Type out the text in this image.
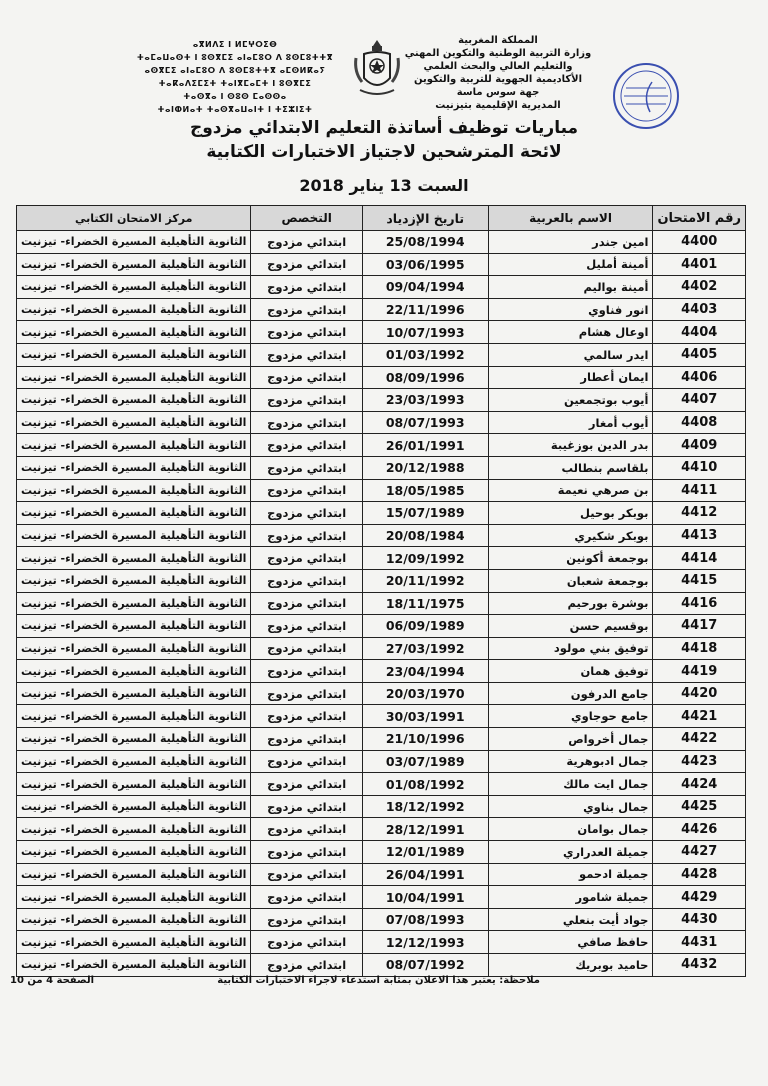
المملكة المغربية
وزارة التربية الوطنية والتكوين المهني
والتعليم العالي والبحث العلمي
الأكاديمية الجهوية للتربية والتكوين
جهة سوس ماسة
المديرية الإقليمية بتيزنيت
ⴰⴳⵍⴷⵉ ⵏ ⵍⵎⵖⵔⵉⴱ
ⵜⴰⵎⴰⵡⴰⵙⵜ ⵏ ⵓⵙⴳⵎⵉ ⴰⵏⴰⵎⵓⵔ ⴷ ⵓⵙⵎⵓⵜⵜⴳ
ⴰⵙⴳⵎⵉ ⴰⵏⴰⵎⵓⵔ ⴷ ⵓⵙⵎⵓⵜⵜⴳ ⴰⵎⵙⵍⴽⴰⵢ
ⵜⴰⴽⴰⴷⵉⵎⵉⵜ ⵜⴰⵏⴳⵎⴰⵎⵜ ⵏ ⵓⵙⴳⵎⵉ
ⵜⴰⵙⴳⴰ ⵏ ⵙⵓⵙ ⵎⴰⵙⵙⴰ
ⵜⴰⵏⵀⵍⴰⵜ ⵜⴰⵙⴳⴰⵡⴰⵏⵜ ⵏ ⵜⵉⵣⵏⵉⵜ
مباريات توظيف أساتذة التعليم الابتدائي مزدوج
لائحة المترشحين لاجتياز الاختبارات الكتابية
السبت 13 يناير 2018
رقم الامتحان	الاسم بالعربية	تاريخ الإزدياد	التخصص	مركز الامتحان الكتابي
4400	امين جندر	25/08/1994	ابتدائي مزدوج	الثانوية التأهيلية المسيرة الخضراء- تيزنيت
4401	أمينة أمليل	03/06/1995	ابتدائي مزدوج	الثانوية التأهيلية المسيرة الخضراء- تيزنيت
4402	أمينة بواليم	09/04/1994	ابتدائي مزدوج	الثانوية التأهيلية المسيرة الخضراء- تيزنيت
4403	انور فناوي	22/11/1996	ابتدائي مزدوج	الثانوية التأهيلية المسيرة الخضراء- تيزنيت
4404	اوعال هشام	10/07/1993	ابتدائي مزدوج	الثانوية التأهيلية المسيرة الخضراء- تيزنيت
4405	ايدر سالمي	01/03/1992	ابتدائي مزدوج	الثانوية التأهيلية المسيرة الخضراء- تيزنيت
4406	ايمان أعطار	08/09/1996	ابتدائي مزدوج	الثانوية التأهيلية المسيرة الخضراء- تيزنيت
4407	أيوب بوتجمعين	23/03/1993	ابتدائي مزدوج	الثانوية التأهيلية المسيرة الخضراء- تيزنيت
4408	أيوب أمغار	08/07/1993	ابتدائي مزدوج	الثانوية التأهيلية المسيرة الخضراء- تيزنيت
4409	بدر الدين بوزغيبة	26/01/1991	ابتدائي مزدوج	الثانوية التأهيلية المسيرة الخضراء- تيزنيت
4410	بلقاسم بنطالب	20/12/1988	ابتدائي مزدوج	الثانوية التأهيلية المسيرة الخضراء- تيزنيت
4411	بن صرهي نعيمة	18/05/1985	ابتدائي مزدوج	الثانوية التأهيلية المسيرة الخضراء- تيزنيت
4412	بوبكر بوحيل	15/07/1989	ابتدائي مزدوج	الثانوية التأهيلية المسيرة الخضراء- تيزنيت
4413	بوبكر شكيري	20/08/1984	ابتدائي مزدوج	الثانوية التأهيلية المسيرة الخضراء- تيزنيت
4414	بوجمعة أكونين	12/09/1992	ابتدائي مزدوج	الثانوية التأهيلية المسيرة الخضراء- تيزنيت
4415	بوجمعة شعبان	20/11/1992	ابتدائي مزدوج	الثانوية التأهيلية المسيرة الخضراء- تيزنيت
4416	بوشرة بورحيم	18/11/1975	ابتدائي مزدوج	الثانوية التأهيلية المسيرة الخضراء- تيزنيت
4417	بوقسيم حسن	06/09/1989	ابتدائي مزدوج	الثانوية التأهيلية المسيرة الخضراء- تيزنيت
4418	توفيق بني مولود	27/03/1992	ابتدائي مزدوج	الثانوية التأهيلية المسيرة الخضراء- تيزنيت
4419	توفيق همان	23/04/1994	ابتدائي مزدوج	الثانوية التأهيلية المسيرة الخضراء- تيزنيت
4420	جامع الدرفون	20/03/1970	ابتدائي مزدوج	الثانوية التأهيلية المسيرة الخضراء- تيزنيت
4421	جامع حوجاوي	30/03/1991	ابتدائي مزدوج	الثانوية التأهيلية المسيرة الخضراء- تيزنيت
4422	جمال أخرواص	21/10/1996	ابتدائي مزدوج	الثانوية التأهيلية المسيرة الخضراء- تيزنيت
4423	جمال ادبوهرية	03/07/1989	ابتدائي مزدوج	الثانوية التأهيلية المسيرة الخضراء- تيزنيت
4424	جمال ايت مالك	01/08/1992	ابتدائي مزدوج	الثانوية التأهيلية المسيرة الخضراء- تيزنيت
4425	جمال بناوي	18/12/1992	ابتدائي مزدوج	الثانوية التأهيلية المسيرة الخضراء- تيزنيت
4426	جمال بوامان	28/12/1991	ابتدائي مزدوج	الثانوية التأهيلية المسيرة الخضراء- تيزنيت
4427	جميلة العدراري	12/01/1989	ابتدائي مزدوج	الثانوية التأهيلية المسيرة الخضراء- تيزنيت
4428	جميلة ادحمو	26/04/1991	ابتدائي مزدوج	الثانوية التأهيلية المسيرة الخضراء- تيزنيت
4429	جميلة شامور	10/04/1991	ابتدائي مزدوج	الثانوية التأهيلية المسيرة الخضراء- تيزنيت
4430	جواد أيت بنعلي	07/08/1993	ابتدائي مزدوج	الثانوية التأهيلية المسيرة الخضراء- تيزنيت
4431	حافظ صافي	12/12/1993	ابتدائي مزدوج	الثانوية التأهيلية المسيرة الخضراء- تيزنيت
4432	حاميد بوبريك	08/07/1992	ابتدائي مزدوج	الثانوية التأهيلية المسيرة الخضراء- تيزنيت
ملاحظة: يعتبر هذا الاعلان بمثابة استدعاء لاجراء الاختبارات الكتابية
الصفحة 4 من 10
